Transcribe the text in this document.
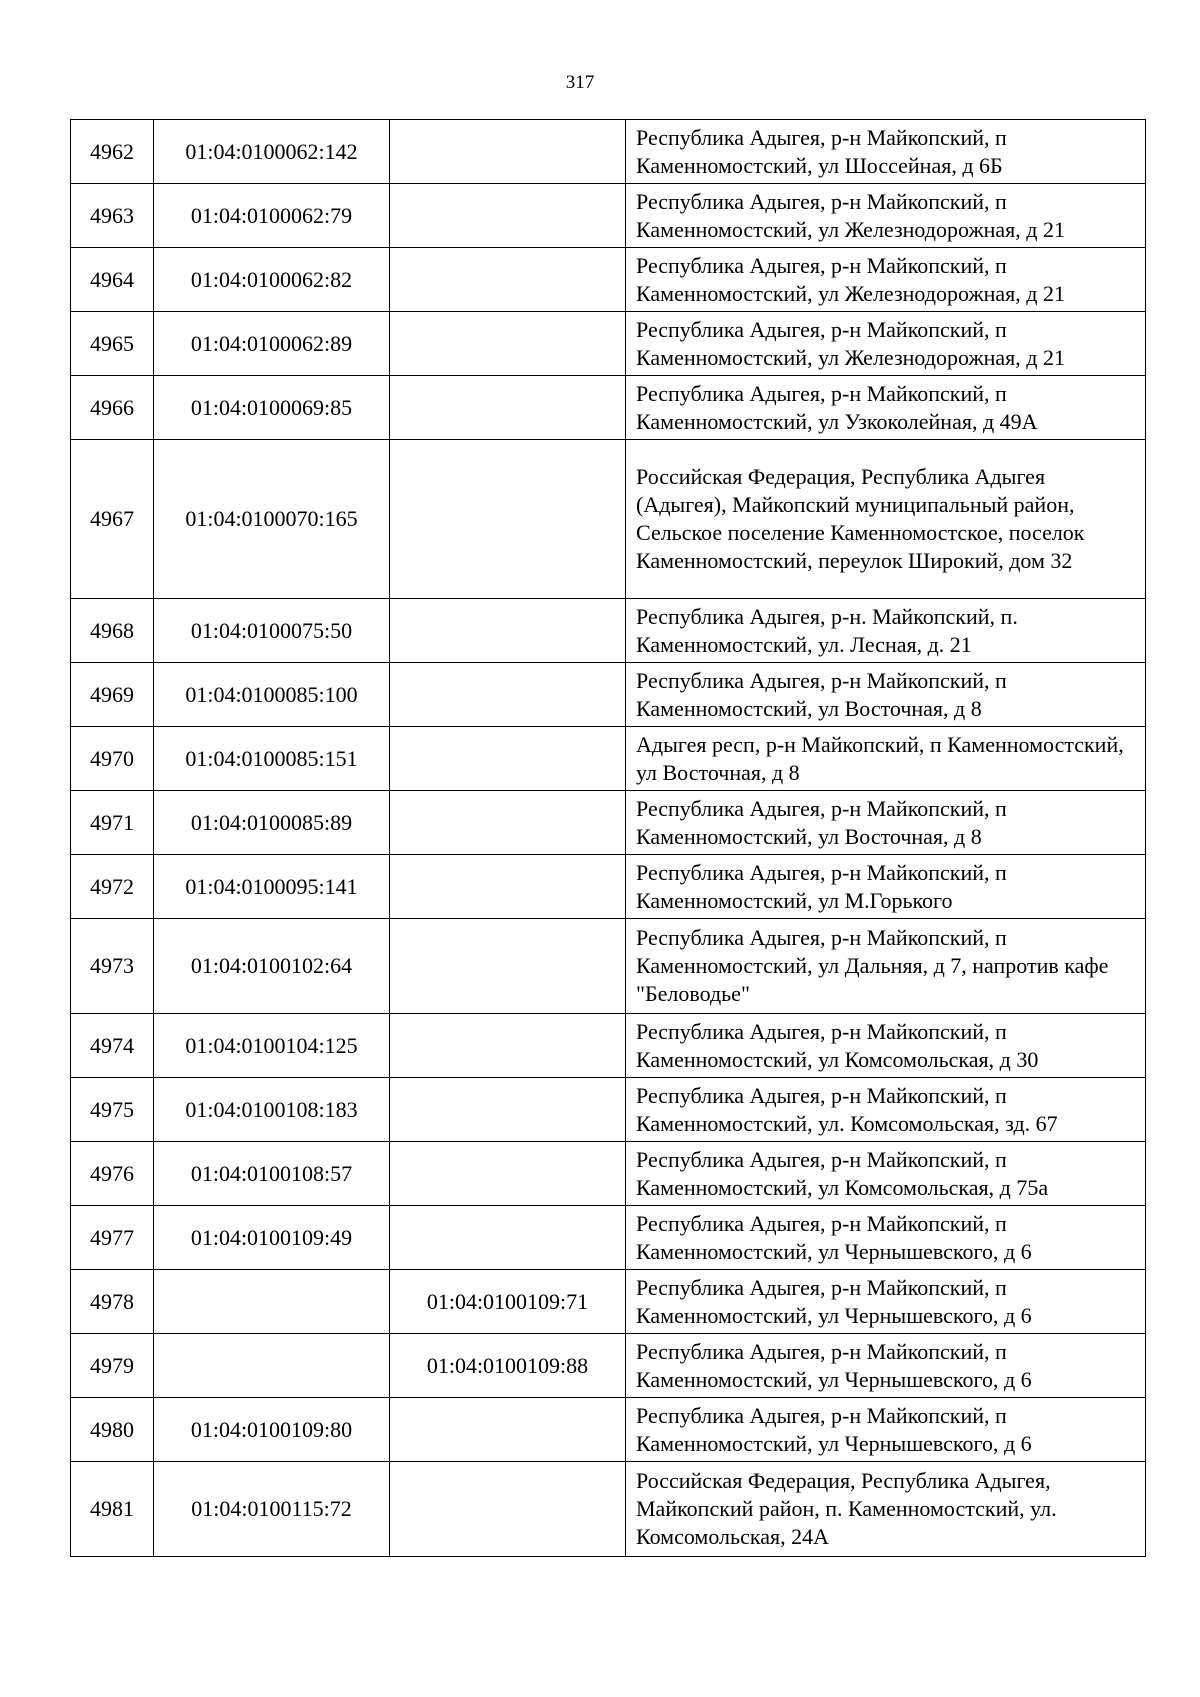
317
4962	01:04:0100062:142		Республика Адыгея, р-н Майкопский, п Каменномостский, ул Шоссейная, д 6Б
4963	01:04:0100062:79		Республика Адыгея, р-н Майкопский, п Каменномостский, ул Железнодорожная, д 21
4964	01:04:0100062:82		Республика Адыгея, р-н Майкопский, п Каменномостский, ул Железнодорожная, д 21
4965	01:04:0100062:89		Республика Адыгея, р-н Майкопский, п Каменномостский, ул Железнодорожная, д 21
4966	01:04:0100069:85		Республика Адыгея, р-н Майкопский, п Каменномостский, ул Узкоколейная, д 49А
4967	01:04:0100070:165		Российская Федерация, Республика Адыгея (Адыгея), Майкопский муниципальный район, Сельское поселение Каменномостское, поселок Каменномостский, переулок Широкий, дом 32
4968	01:04:0100075:50		Республика Адыгея, р-н. Майкопский, п. Каменномостский, ул. Лесная, д. 21
4969	01:04:0100085:100		Республика Адыгея, р-н Майкопский, п Каменномостский, ул Восточная, д 8
4970	01:04:0100085:151		Адыгея респ, р-н Майкопский, п Каменномостский, ул Восточная, д 8
4971	01:04:0100085:89		Республика Адыгея, р-н Майкопский, п Каменномостский, ул Восточная, д 8
4972	01:04:0100095:141		Республика Адыгея, р-н Майкопский, п Каменномостский, ул М.Горького
4973	01:04:0100102:64		Республика Адыгея, р-н Майкопский, п Каменномостский, ул Дальняя, д 7, напротив кафе "Беловодье"
4974	01:04:0100104:125		Республика Адыгея, р-н Майкопский, п Каменномостский, ул Комсомольская, д 30
4975	01:04:0100108:183		Республика Адыгея, р-н Майкопский, п Каменномостский, ул. Комсомольская, зд. 67
4976	01:04:0100108:57		Республика Адыгея, р-н Майкопский, п Каменномостский, ул Комсомольская, д 75а
4977	01:04:0100109:49		Республика Адыгея, р-н Майкопский, п Каменномостский, ул Чернышевского, д 6
4978		01:04:0100109:71	Республика Адыгея, р-н Майкопский, п Каменномостский, ул Чернышевского, д 6
4979		01:04:0100109:88	Республика Адыгея, р-н Майкопский, п Каменномостский, ул Чернышевского, д 6
4980	01:04:0100109:80		Республика Адыгея, р-н Майкопский, п Каменномостский, ул Чернышевского, д 6
4981	01:04:0100115:72		Российская Федерация, Республика Адыгея, Майкопский район, п. Каменномостский, ул. Комсомольская, 24А
